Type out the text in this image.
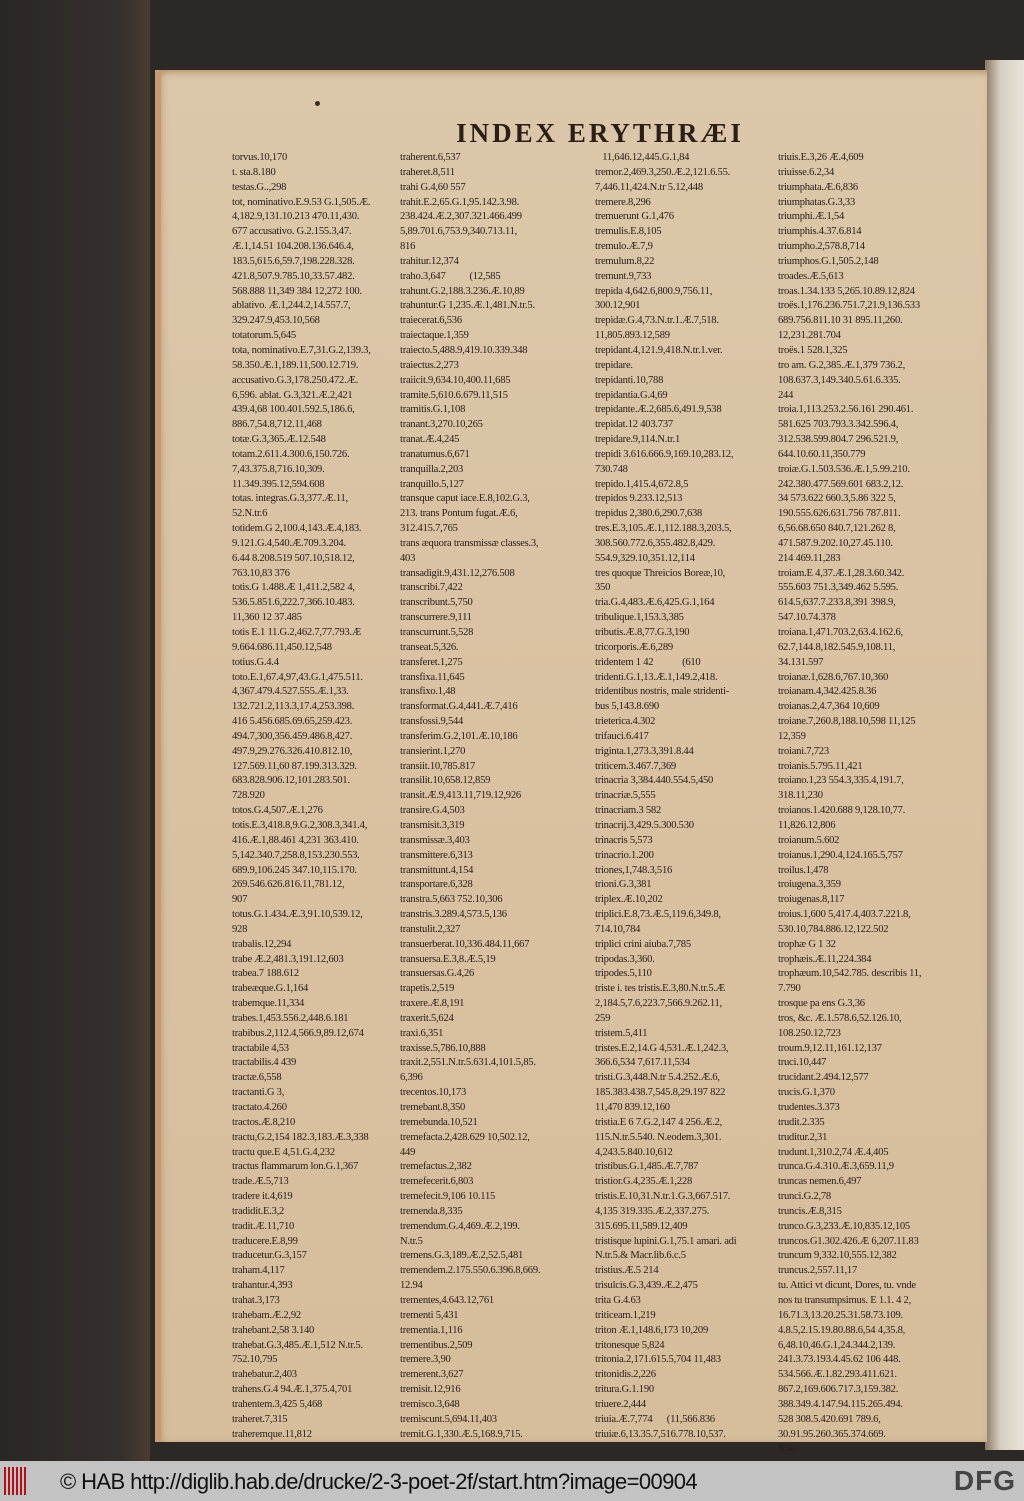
INDEX ERYTHRÆI
torvus.10,170
t. sta.8.180
testas.G..,298
tot, nominativo.E.9.53 G.1,505.Æ.
4,182.9,131.10.213 470.11,430.
677 accusativo. G.2.155.3,47.
Æ.1,14.51 104.208.136.646.4,
183.5,615.6,59.7,198.228.328.
421.8,507.9.785.10,33.57.482.
568.888 11,349 384 12,272 100.
ablativo. Æ.1,244.2,14.557.7,
329.247.9,453.10,568
totatorum.5,645
tota, nominativo.E.7,31.G.2,139.3,
58.350.Æ.1,189.11,500.12.719.
accusativo.G.3,178.250.472.Æ.
6,596. ablat. G.3,321.Æ.2,421
439.4,68 100.401.592.5,186.6,
886.7,54.8,712.11,468
totæ.G.3,365.Æ.12.548
totam.2.611.4.300.6,150.726.
7,43.375.8,716.10,309.
11.349.395.12,594.608
totas. integras.G.3,377.Æ.11,
52.N.tr.6
totidem.G 2,100.4,143.Æ.4,183.
9.121.G.4,540.Æ.709.3.204.
6.44 8.208.519 507.10,518.12,
763.10,83 376
totis.G 1.488.Æ 1,411.2,582 4,
536.5.851.6,222.7,366.10.483.
11,360 12 37.485
totis E.1 11.G.2,462.7,77.793.Æ
9.664.686.11,450.12,548
totius.G.4.4
toto.E.1,67.4,97,43.G.1,475.511.
4,367.479.4.527.555.Æ.1,33.
132.721.2,113.3,17.4,253.398.
416 5.456.685.69.65,259.423.
494.7,300,356.459.486.8,427.
497.9,29.276.326.410.812.10,
127.569.11,60 87.199.313.329.
683.828.906.12,101.283.501.
728.920
totos.G.4,507.Æ.1,276
totis.E.3,418.8,9.G.2,308.3,341.4,
416.Æ.1,88.461 4,231 363.410.
5,142.340.7,258.8,153.230.553.
689.9,106.245 347.10,115.170.
269.546.626.816.11,781.12,
907
totus.G.1.434.Æ.3,91.10,539.12,
928
trabalis.12,294
trabe Æ.2,481.3,191.12,603
trabea.7 188.612
trabeæque.G.1,164
trabemque.11,334
trabes.1,453.556.2,448.6.181
trabibus.2,112.4,566.9,89.12,674
tractabile 4,53
tractabilis.4 439
tractæ.6,558
tractanti.G 3,
tractato.4.260
tractos.Æ.8,210
tractu,G.2,154 182.3,183.Æ.3,338
tractu que.E 4,51.G.4,232
tractus flammarum lon.G.1,367
trade.Æ.5,713
tradere it.4,619
tradidit.E.3,2
tradit.Æ.11,710
traducere.E.8,99
traducetur.G.3,157
traham.4,117
trahantur.4,393
trahat.3,173
trahebam.Æ.2,92
trahebant.2,58 3.140
trahebat.G.3,485.Æ.1,512 N.tr.5.
752.10,795
trahebatur.2,403
trahens.G.4 94.Æ.1,375.4,701
trahentem.3,425 5,468
traheret.7,315
traheremque.11,812
traherent.6,537
traheret.8,511
trahi G.4,60 557
trahit.E.2,65.G.1,95.142.3.98.
238.424.Æ.2,307.321.466.499
5,89.701.6,753.9,340.713.11,
816
trahitur.12,374
traho.3,647          (12,585
trahunt.G.2,188.3.236.Æ.10,89
trahuntur.G 1,235.Æ.1,481.N.tr.5.
traiecerat.6,536
traiectaque.1,359
traiecto.5,488.9,419.10.339.348
traiectus.2,273
traiicit.9,634.10,400.11,685
tramite.5,610.6.679.11,515
tramitis.G.1,108
tranant.3,270.10,265
tranat.Æ.4,245
tranatumus.6,671
tranquilla.2,203
tranquillo.5,127
transque caput iace.E.8,102.G.3,
213. trans Pontum fugat.Æ.6,
312.415.7,765
trans æquora transmissæ classes.3,
403
transadigit.9,431.12,276.508
transcribi.7,422
transcribunt.5,750
transcurrere.9,111
transcurrunt.5,528
transeat.5,326.
transferet.1,275
transfixa.11,645
transfixo.1,48
transformat.G.4,441.Æ.7,416
transfossi.9,544
transferim.G.2,101.Æ.10,186
transierint.1,270
transiit.10,785.817
transilit.10,658.12,859
transit.Æ.9,413.11,719.12,926
transire.G.4,503
transmisit.3,319
transmissæ.3,403
transmittere.6,313
transmittunt.4,154
transportare.6,328
transtra.5,663 752.10,306
transtris.3.289.4,573.5,136
transtulit.2,327
transuerberat.10,336.484.11,667
transuersa.E.3,8.Æ.5,19
transuersas.G.4,26
trapetis.2,519
traxere.Æ.8,191
traxerit.5,624
traxi.6,351
traxisse.5,786.10,888
traxit.2,551.N.tr.5.631.4,101.5,85.
6,396
trecentos.10,173
tremebant.8,350
tremebunda.10,521
tremefacta.2,428.629 10,502.12,
449
tremefactus.2,382
tremefecerit.6,803
tremefecit.9,106 10.115
tremenda.8,335
tremendum.G.4,469.Æ.2,199.
N.tr.5
tremens.G.3,189.Æ.2,52.5,481
tremendem.2.175.550.6.396.8,669.
12.94
trementes,4.643.12,761
trementi 5,431
trementia.1,116
trementibus.2,509
tremere.3,90
tremerent.3,627
tremisit.12,916
tremisco.3,648
tremiscunt.5,694.11,403
tremit.G.1,330.Æ.5,168.9,715.
11,646.12,445.G.1,84
tremor.2,469.3,250.Æ.2,121.6.55.
7,446.11,424.N.tr 5.12,448
tremere.8,296
tremuerunt G.1,476
tremulis.E.8,105
tremulo.Æ.7,9
tremulum.8,22
tremunt.9,733
trepida 4,642.6,800.9,756.11,
300.12,901
trepidæ.G.4,73.N.tr.1.Æ.7,518.
11,805.893.12,589
trepidant.4,121.9,418.N.tr.1.ver.
trepidare.
trepidanti.10,788
trepidantia.G.4,69
trepidante.Æ.2,685.6,491.9,538
trepidat.12 403.737
trepidare.9,114.N.tr.1
trepidi 3.616.666.9,169.10,283.12,
730.748
trepido.1,415.4,672.8,5
trepidos 9.233.12,513
trepidus 2,380.6,290.7,638
tres.E.3,105.Æ.1,112.188.3,203.5,
308.560.772.6,355.482.8,429.
554.9,329.10,351.12,114
tres quoque Threicios Boreæ,10,
350
tria.G.4,483.Æ.6,425.G.1,164
tribulique.1,153.3,385
tributis.Æ.8,77.G.3,190
tricorporis.Æ.6,289
tridentem 1 42            (610
tridenti.G.1,13.Æ.1,149.2,418.
tridentibus nostris, male stridenti-
bus 5,143.8.690
trieterica.4.302
trifauci.6.417
triginta.1,273.3,391.8.44
triticem.3.467.7,369
trinacria 3,384.440.554.5,450
trinacriæ.5,555
trinacriam.3 582
trinacrij.3,429.5.300.530
trinacris 5,573
trinacrio.1.200
triones,1,748.3,516
trioni.G.3,381
triplex.Æ.10,202
triplici.E.8,73.Æ.5,119.6,349.8,
714.10,784
triplici crini aiuba.7,785
tripodas.3,360.
tripodes.5,110
triste i. tes tristis.E.3,80.N.tr.5.Æ
2,184.5,7.6,223.7,566.9.262.11,
259
tristem.5,411
tristes.E.2,14.G 4,531.Æ.1,242.3,
366.6,534 7,617.11,534
tristi.G.3,448.N.tr 5.4.252.Æ.6,
185.383.438.7,545.8,29.197 822
11,470 839.12,160
tristia.E 6 7.G.2,147 4 256.Æ.2,
115.N.tr.5.540. N.eodem.3,301.
4,243.5.840.10,612
tristibus.G.1,485.Æ.7,787
tristior.G.4,235.Æ.1,228
tristis.E.10,31.N.tr.1.G.3,667.517.
4,135 319.335.Æ.2,337.275.
315.695.11,589.12,409
tristisque lupini.G.1,75.1 amari. adi
N.tr.5.& Macr.lib.6.c.5
tristius.Æ.5 214
trisulcis.G.3,439.Æ.2,475
trita G.4.63
triticeam.1,219
triton Æ.1,148.6,173 10,209
tritonesque 5,824
tritonia.2,171.615.5,704 11,483
tritonidis.2,226
tritura.G.1.190
triuere.2,444
triuia.Æ.7,774      (11,566.836
triuiæ.6,13.35.7,516.778.10,537.
triuis.E.3,26 Æ.4,609
triuisse.6.2,34
triumphata.Æ.6,836
triumphatas.G.3,33
triumphi.Æ.1,54
triumphis.4.37.6.814
triumpho.2,578.8,714
triumphos.G.1,505.2,148
troades.Æ.5,613
troas.1.34.133 5,265.10.89.12,824
troës.1,176.236.751.7,21.9,136.533
689.756.811.10 31 895.11,260.
12,231.281.704
troës.1 528.1,325
tro am. G.2,385.Æ.1,379 736.2,
108.637.3,149.340.5.61.6.335.
244
troia.1,113.253.2.56.161 290.461.
581.625 703.793.3.342.596.4,
312.538.599.804.7 296.521.9,
644.10.60.11,350.779
troiæ.G.1.503.536.Æ.1,5.99.210.
242.380.477.569.601 683.2,12.
34 573.622 660.3,5.86 322 5,
190.555.626.631.756 787.811.
6,56.68.650 840.7,121.262 8,
471.587.9.202.10,27.45.110.
214 469.11,283
troiam.E 4,37.Æ.1,28.3.60.342.
555.603 751.3,349.462 5.595.
614.5,637.7.233.8,391 398.9,
547.10.74.378
troiana.1,471.703.2,63.4.162.6,
62.7,144.8,182.545.9,108.11,
34.131.597
troianæ.1,628.6,767.10,360
troianam.4,342.425.8.36
troianas.2,4.7,364 10,609
troiane.7,260.8,188.10,598 11,125
12,359
troiani.7,723
troianis.5.795.11,421
troiano.1,23 554.3,335.4,191.7,
318.11,230
troianos.1.420.688 9,128.10,77.
11,826.12,806
troianum.5.602
troianus.1,290.4,124.165.5,757
troilus.1,478
troiugena.3,359
troiugenas.8,117
troius.1,600 5,417.4,403.7.221.8,
530.10,784.886.12,122.502
trophæ G 1 32
trophæis.Æ.11,224.384
trophæum.10,542.785. describis 11,
7.790
trosque pa ens G.3,36
tros, &c. Æ.1.578.6,52.126.10,
108.250.12,723
troum.9,12.11,161.12,137
truci.10,447
trucidant.2.494.12,577
trucis.G.1,370
trudentes.3.373
trudit.2.335
truditur.2,31
trudunt.1,310.2,74 Æ.4,405
trunca.G.4.310.Æ.3,659.11,9
truncas nemen.6,497
trunci.G.2,78
truncis.Æ.8,315
trunco.G.3,233.Æ.10,835.12,105
truncos.G1.302.426.Æ 6,207.11.83
truncum 9,332.10,555.12,382
truncus.2,557.11,17
tu. Attici vt dicunt, Dores, tu. vnde
nos tu transumpsimus. E 1.1. 4 2,
16.71.3,13.20.25.31.58.73.109.
4.8.5,2.15.19.80.88.6,54 4,35.8,
6,48.10,46.G.1,24.344.2,139.
241.3.73.193.4.45.62 106 448.
534.566.Æ.1.82.293.411.621.
867.2,169.606.717.3,159.382.
388.349.4.147.94.115.265.494.
528 308.5.420.691 789.6,
30.91.95.260.365.374.669.
834.
© HAB http://diglib.hab.de/drucke/2-3-poet-2f/start.htm?image=00904	DFG
